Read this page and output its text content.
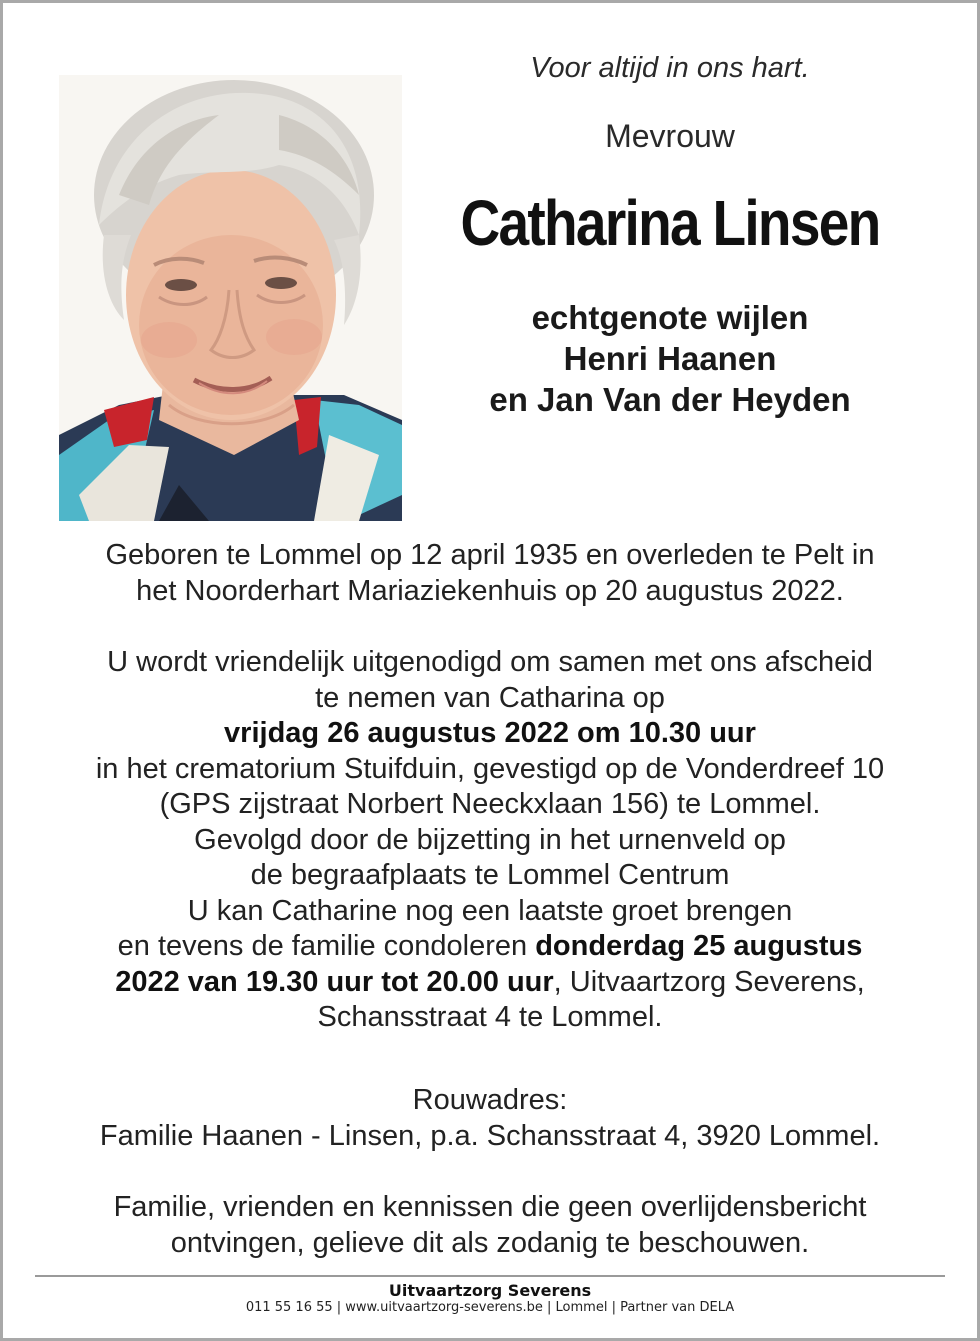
Voor altijd in ons hart.
Mevrouw
Catharina Linsen
echtgenote wijlen
Henri Haanen
en Jan Van der Heyden
Geboren te Lommel op 12 april 1935 en overleden te Pelt in
het Noorderhart Mariaziekenhuis op 20 augustus 2022.
U wordt vriendelijk uitgenodigd om samen met ons afscheid
te nemen van Catharina op
vrijdag 26 augustus 2022 om 10.30 uur
in het crematorium Stuifduin, gevestigd op de Vonderdreef 10
(GPS zijstraat Norbert Neeckxlaan 156) te Lommel.
Gevolgd door de bijzetting in het urnenveld op
de begraafplaats te Lommel Centrum
U kan Catharine nog een laatste groet brengen
en tevens de familie condoleren donderdag 25 augustus
2022 van 19.30 uur tot 20.00 uur, Uitvaartzorg Severens,
Schansstraat 4 te Lommel.
Rouwadres:
Familie Haanen - Linsen, p.a. Schansstraat 4, 3920 Lommel.
Familie, vrienden en kennissen die geen overlijdensbericht
ontvingen, gelieve dit als zodanig te beschouwen.
Uitvaartzorg Severens
011 55 16 55 | www.uitvaartzorg-severens.be | Lommel | Partner van DELA
